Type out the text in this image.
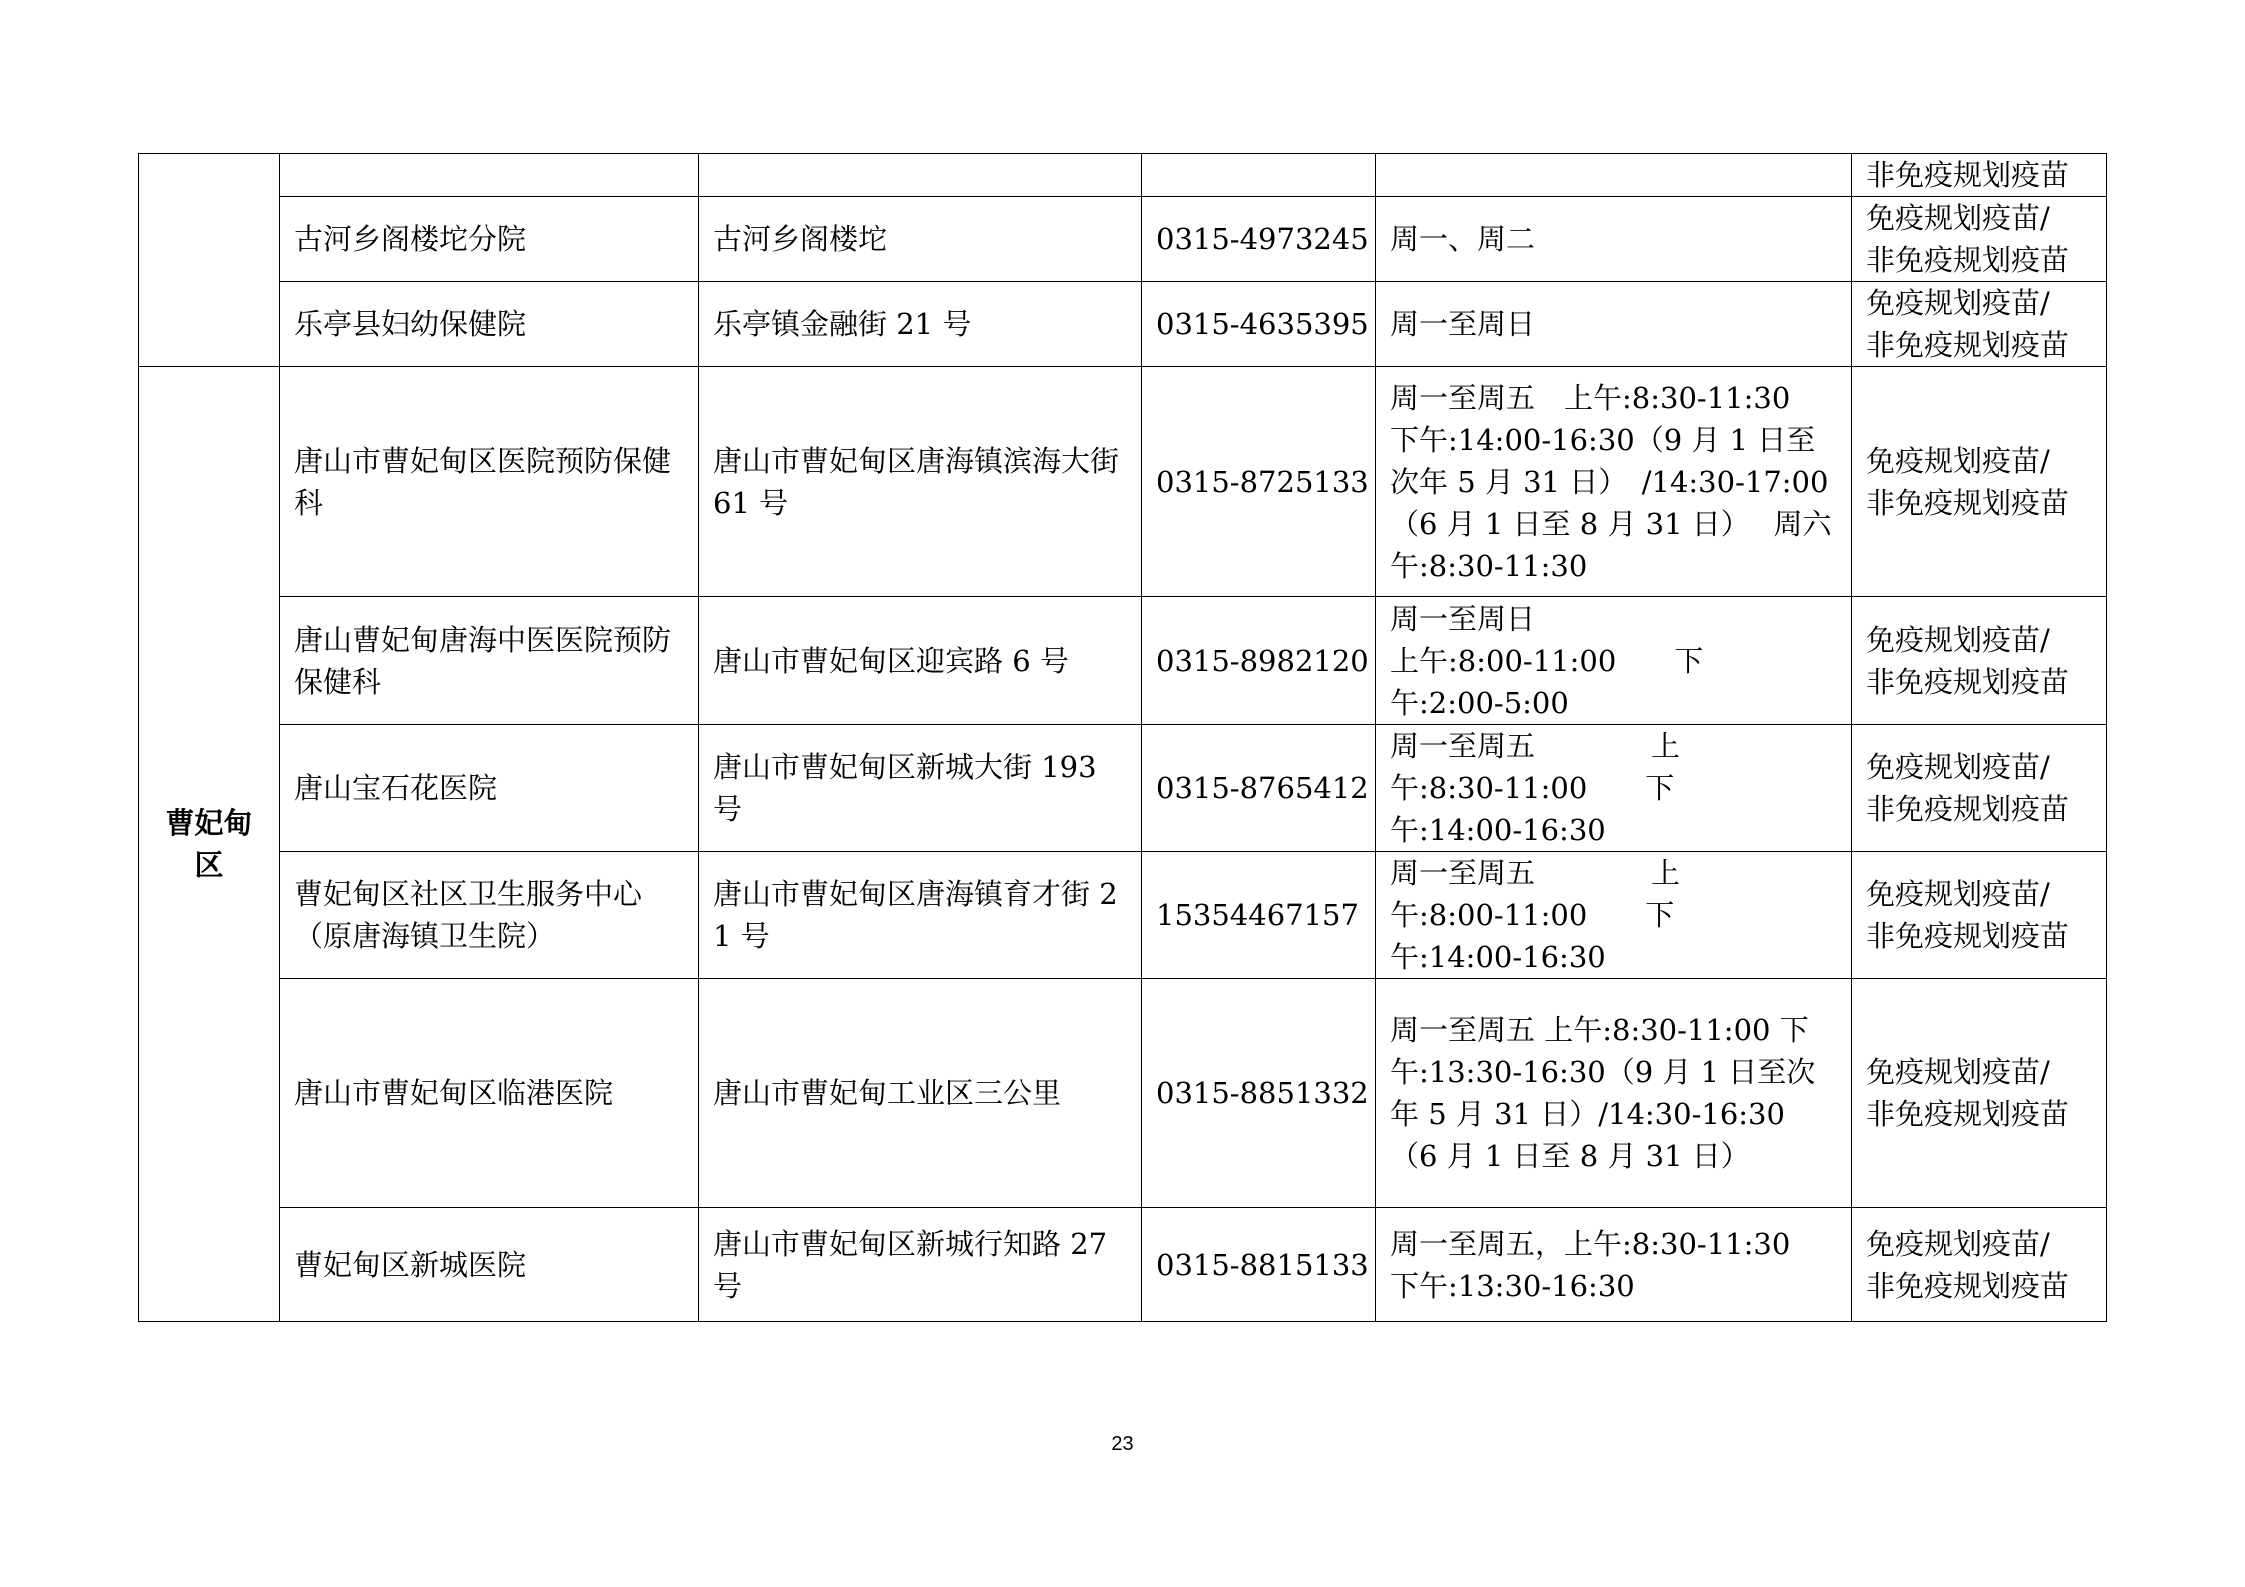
					非免疫规划疫苗
	古河乡阁楼坨分院	古河乡阁楼坨	0315-4973245	周一、周二	免疫规划疫苗/
非免疫规划疫苗
	乐亭县妇幼保健院	乐亭镇金融街 21 号	0315-4635395	周一至周日	免疫规划疫苗/
非免疫规划疫苗
曹妃甸
区	唐山市曹妃甸区医院预防保健科	唐山市曹妃甸区唐海镇滨海大街 61 号	0315-8725133	周一至周五　上午:8:30-11:30
下午:14:00-16:30（9 月 1 日至次年 5 月 31 日）　/14:30-17:00（6 月 1 日至 8 月 31 日）　 周六午:8:30-11:30	免疫规划疫苗/
非免疫规划疫苗
	唐山曹妃甸唐海中医医院预防保健科	唐山市曹妃甸区迎宾路 6 号	0315-8982120	周一至周日
上午:8:00-11:00　　下
午:2:00-5:00	免疫规划疫苗/
非免疫规划疫苗
	唐山宝石花医院	唐山市曹妃甸区新城大街 193 号	0315-8765412	周一至周五　　　　上
午:8:30-11:00　　下
午:14:00-16:30	免疫规划疫苗/
非免疫规划疫苗
	曹妃甸区社区卫生服务中心（原唐海镇卫生院）	唐山市曹妃甸区唐海镇育才街 21 号	15354467157	周一至周五　　　　上
午:8:00-11:00　　下
午:14:00-16:30	免疫规划疫苗/
非免疫规划疫苗
	唐山市曹妃甸区临港医院	唐山市曹妃甸工业区三公里	0315-8851332	周一至周五 上午:8:30-11:00 下午:13:30-16:30（9 月 1 日至次年 5 月 31 日）/14:30-16:30 （6 月 1 日至 8 月 31 日）	免疫规划疫苗/
非免疫规划疫苗
	曹妃甸区新城医院	唐山市曹妃甸区新城行知路 27 号	0315-8815133	周一至周五，上午:8:30-11:30
下午:13:30-16:30	免疫规划疫苗/
非免疫规划疫苗
23
